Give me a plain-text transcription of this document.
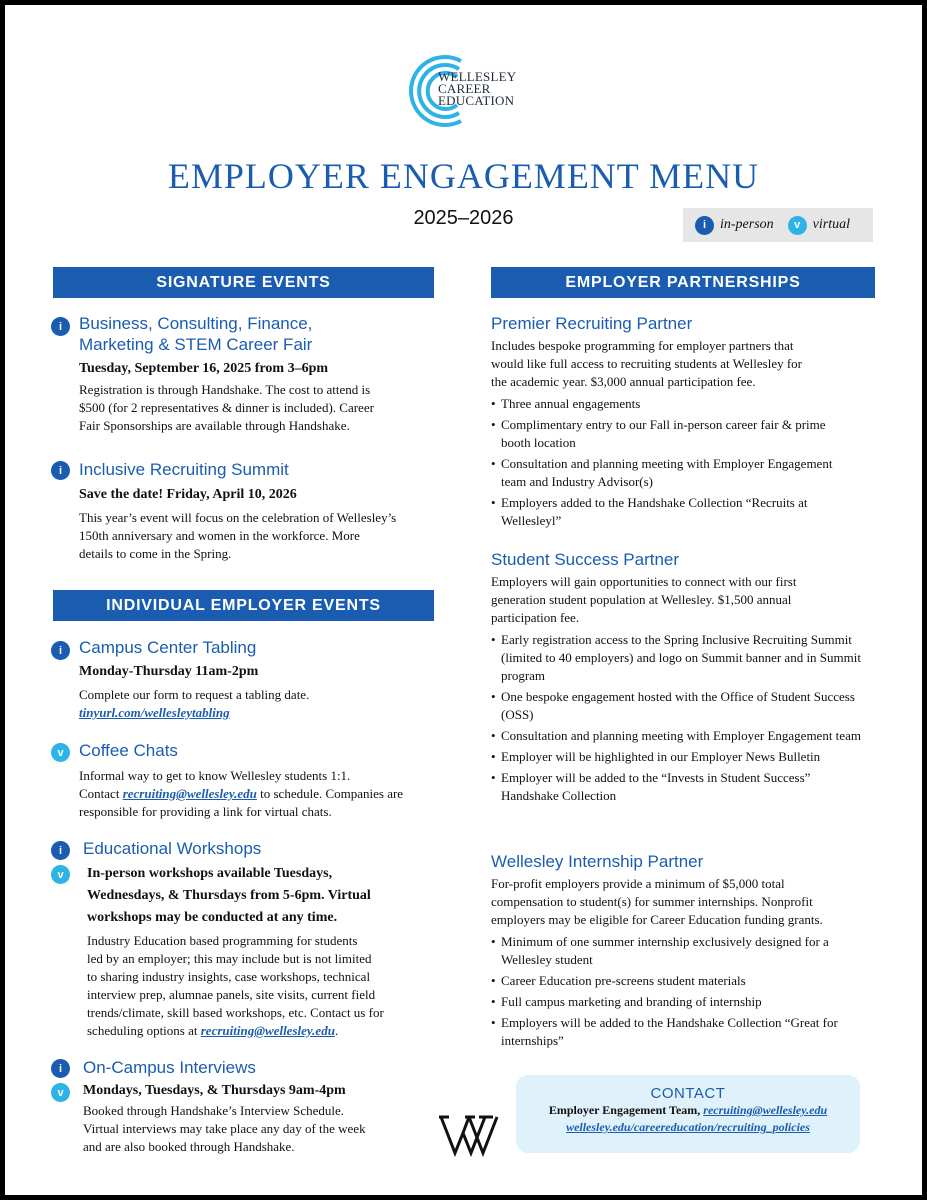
WELLESLEY
CAREER
EDUCATION
EMPLOYER ENGAGEMENT MENU
2025–2026	i in-person	v virtual
SIGNATURE EVENTS
i Business, Consulting, Finance,
Marketing & STEM Career Fair
Tuesday, September 16, 2025 from 3–6pm
Registration is through Handshake. The cost to attend is
$500 (for 2 representatives & dinner is included). Career
Fair Sponsorships are available through Handshake.
i Inclusive Recruiting Summit
Save the date! Friday, April 10, 2026
This year’s event will focus on the celebration of Wellesley’s
150th anniversary and women in the workforce. More
details to come in the Spring.
INDIVIDUAL EMPLOYER EVENTS
i Campus Center Tabling
Monday-Thursday 11am-2pm
Complete our form to request a tabling date.
tinyurl.com/wellesleytabling
v Coffee Chats
Informal way to get to know Wellesley students 1:1.
Contact recruiting@wellesley.edu to schedule. Companies are
responsible for providing a link for virtual chats.
i
v
Educational Workshops
In-person workshops available Tuesdays,
Wednesdays, & Thursdays from 5-6pm. Virtual
workshops may be conducted at any time.
Industry Education based programming for students
led by an employer; this may include but is not limited
to sharing industry insights, case workshops, technical
interview prep, alumnae panels, site visits, current field
trends/climate, skill based workshops, etc. Contact us for
scheduling options at recruiting@wellesley.edu.
i
v
On-Campus Interviews
Mondays, Tuesdays, & Thursdays 9am-4pm
Booked through Handshake’s Interview Schedule.
Virtual interviews may take place any day of the week
and are also booked through Handshake.
EMPLOYER PARTNERSHIPS
Premier Recruiting Partner
Includes bespoke programming for employer partners that
would like full access to recruiting students at Wellesley for
the academic year. $3,000 annual participation fee.
• Three annual engagements
• Complimentary entry to our Fall in-person career fair & prime booth location
• Consultation and planning meeting with Employer Engagement team and Industry Advisor(s)
• Employers added to the Handshake Collection “Recruits at Wellesleyl”
Student Success Partner
Employers will gain opportunities to connect with our first
generation student population at Wellesley. $1,500 annual
participation fee.
• Early registration access to the Spring Inclusive Recruiting Summit (limited to 40 employers) and logo on Summit banner and in Summit program
• One bespoke engagement hosted with the Office of Student Success (OSS)
• Consultation and planning meeting with Employer Engagement team
• Employer will be highlighted in our Employer News Bulletin
• Employer will be added to the “Invests in Student Success” Handshake Collection
Wellesley Internship Partner
For-profit employers provide a minimum of $5,000 total
compensation to student(s) for summer internships. Nonprofit
employers may be eligible for Career Education funding grants.
• Minimum of one summer internship exclusively designed for a Wellesley student
• Career Education pre-screens student materials
• Full campus marketing and branding of internship
• Employers will be added to the Handshake Collection “Great for internships”
CONTACT
Employer Engagement Team, recruiting@wellesley.edu
wellesley.edu/careereducation/recruiting_policies
